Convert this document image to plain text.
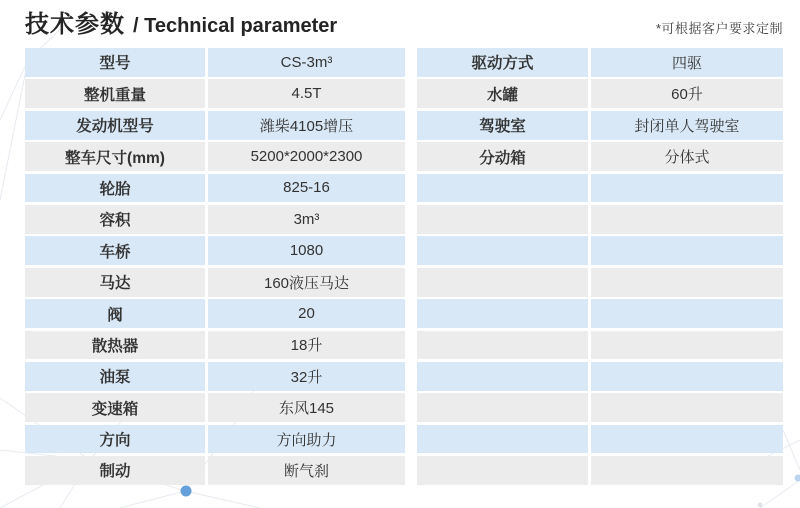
技术参数 / Technical parameter	*可根据客户要求定制
型号	CS-3m³
整机重量	4.5T
发动机型号	潍柴4105增压
整车尺寸(mm)	5200*2000*2300
轮胎	825-16
容积	3m³
车桥	1080
马达	160液压马达
阀	20
散热器	18升
油泵	32升
变速箱	东风145
方向	方向助力
制动	断气刹
驱动方式	四驱
水罐	60升
驾驶室	封闭单人驾驶室
分动箱	分体式
